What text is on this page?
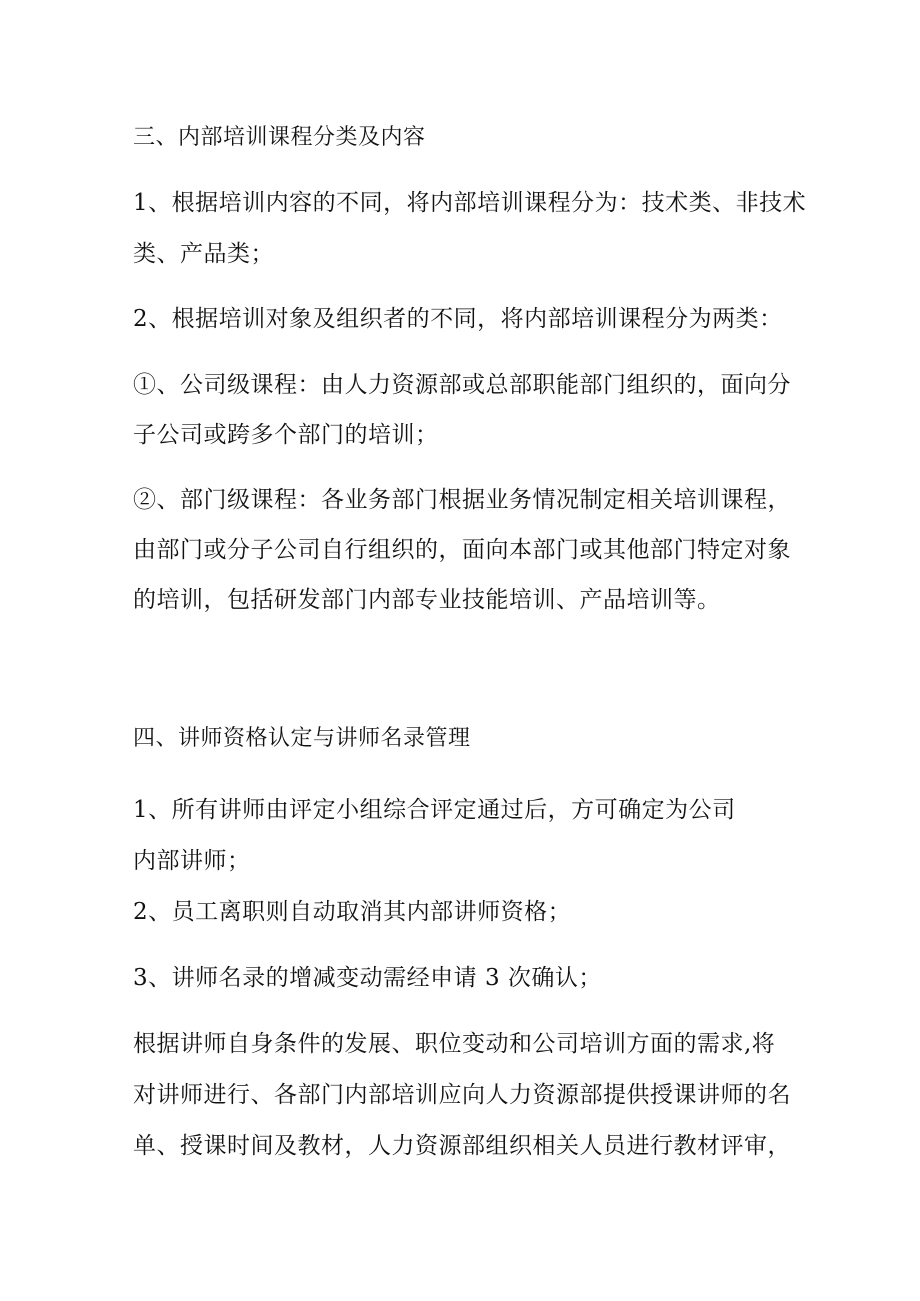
三、内部培训课程分类及内容
1、根据培训内容的不同，将内部培训课程分为：技术类、非技术
类、产品类；
2、根据培训对象及组织者的不同，将内部培训课程分为两类：
①、公司级课程：由人力资源部或总部职能部门组织的，面向分
子公司或跨多个部门的培训；
②、部门级课程：各业务部门根据业务情况制定相关培训课程，
由部门或分子公司自行组织的，面向本部门或其他部门特定对象
的培训，包括研发部门内部专业技能培训、产品培训等。
四、讲师资格认定与讲师名录管理
1、所有讲师由评定小组综合评定通过后，方可确定为公司
内部讲师；
2、员工离职则自动取消其内部讲师资格；
3、讲师名录的增减变动需经申请 3 次确认；
根据讲师自身条件的发展、职位变动和公司培训方面的需求,将
对讲师进行、各部门内部培训应向人力资源部提供授课讲师的名
单、授课时间及教材，人力资源部组织相关人员进行教材评审，
